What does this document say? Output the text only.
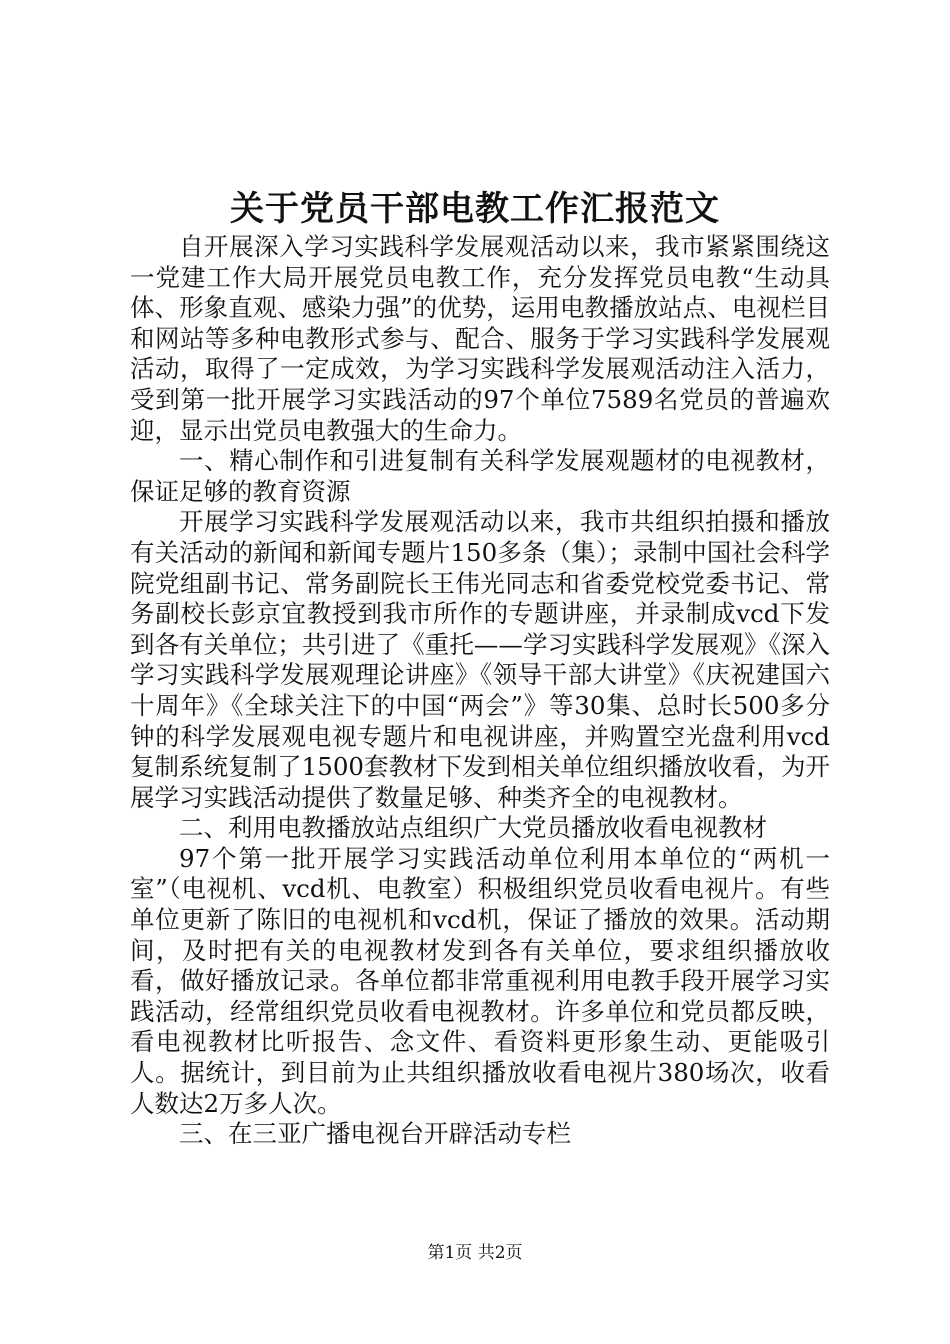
关于党员干部电教工作汇报范文

自开展深入学习实践科学发展观活动以来，我市紧紧围绕这一党建工作大局开展党员电教工作，充分发挥党员电教“生动具体、形象直观、感染力强”的优势，运用电教播放站点、电视栏目和网站等多种电教形式参与、配合、服务于学习实践科学发展观活动，取得了一定成效，为学习实践科学发展观活动注入活力，受到第一批开展学习实践活动的97个单位7589名党员的普遍欢迎，显示出党员电教强大的生命力。

一、精心制作和引进复制有关科学发展观题材的电视教材，保证足够的教育资源

开展学习实践科学发展观活动以来，我市共组织拍摄和播放有关活动的新闻和新闻专题片150多条（集）；录制中国社会科学院党组副书记、常务副院长王伟光同志和省委党校党委书记、常务副校长彭京宜教授到我市所作的专题讲座，并录制成vcd下发到各有关单位；共引进了《重托——学习实践科学发展观》《深入学习实践科学发展观理论讲座》《领导干部大讲堂》《庆祝建国六十周年》《全球关注下的中国“两会”》等30集、总时长500多分钟的科学发展观电视专题片和电视讲座，并购置空光盘利用vcd复制系统复制了1500套教材下发到相关单位组织播放收看，为开展学习实践活动提供了数量足够、种类齐全的电视教材。

二、利用电教播放站点组织广大党员播放收看电视教材

97个第一批开展学习实践活动单位利用本单位的“两机一室”（电视机、vcd机、电教室）积极组织党员收看电视片。有些单位更新了陈旧的电视机和vcd机，保证了播放的效果。活动期间，及时把有关的电视教材发到各有关单位，要求组织播放收看，做好播放记录。各单位都非常重视利用电教手段开展学习实践活动，经常组织党员收看电视教材。许多单位和党员都反映，看电视教材比听报告、念文件、看资料更形象生动、更能吸引人。据统计，到目前为止共组织播放收看电视片380场次，收看人数达2万多人次。

三、在三亚广播电视台开辟活动专栏

第1页 共2页
